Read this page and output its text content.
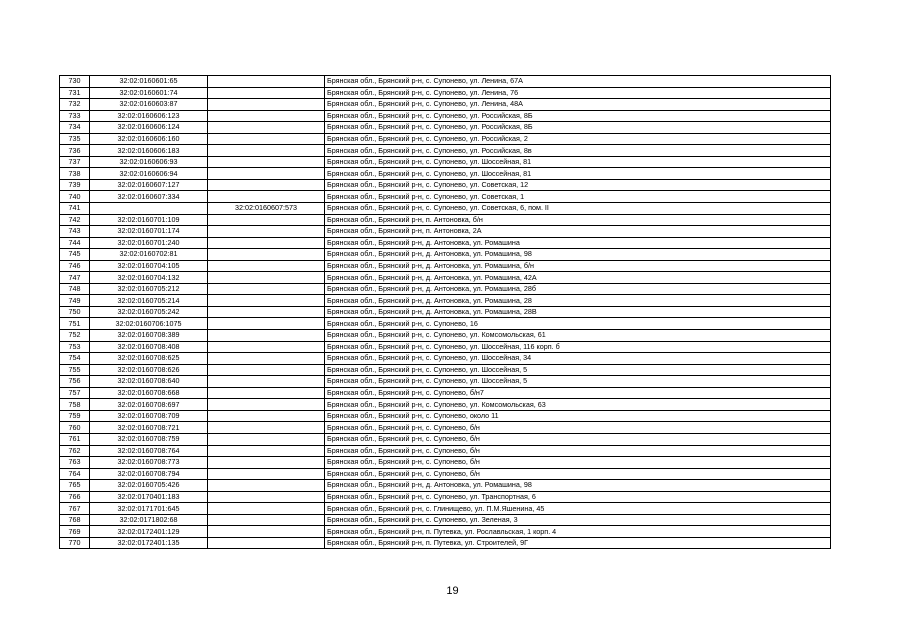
730	32:02:0160601:65		Брянская обл., Брянский р-н, с. Супонево, ул. Ленина, 67А
731	32:02:0160601:74		Брянская обл., Брянский р-н, с. Супонево, ул. Ленина, 76
732	32:02:0160603:87		Брянская обл., Брянский р-н, с. Супонево, ул. Ленина, 48А
733	32:02:0160606:123		Брянская обл., Брянский р-н, с. Супонево, ул. Российская, 8Б
734	32:02:0160606:124		Брянская обл., Брянский р-н, с. Супонево, ул. Российская, 8Б
735	32:02:0160606:160		Брянская обл., Брянский р-н, с. Супонево, ул. Российская, 2
736	32:02:0160606:183		Брянская обл., Брянский р-н, с. Супонево, ул. Российская, 8в
737	32:02:0160606:93		Брянская обл., Брянский р-н, с. Супонево, ул. Шоссейная, 81
738	32:02:0160606:94		Брянская обл., Брянский р-н, с. Супонево, ул. Шоссейная, 81
739	32:02:0160607:127		Брянская обл., Брянский р-н, с. Супонево, ул. Советская, 12
740	32:02:0160607:334		Брянская обл., Брянский р-н, с. Супонево, ул. Советская, 1
741		32:02:0160607:573	Брянская обл., Брянский р-н, с. Супонево, ул. Советская, 6, пом. II
742	32:02:0160701:109		Брянская обл., Брянский р-н, п. Антоновка, б/н
743	32:02:0160701:174		Брянская обл., Брянский р-н, п. Антоновка, 2А
744	32:02:0160701:240		Брянская обл., Брянский р-н, д. Антоновка, ул. Ромашина
745	32:02:0160702:81		Брянская обл., Брянский р-н, д. Антоновка, ул. Ромашина, 98
746	32:02:0160704:105		Брянская обл., Брянский р-н, д. Антоновка, ул. Ромашина, б/н
747	32:02:0160704:132		Брянская обл., Брянский р-н, д. Антоновка, ул. Ромашина, 42А
748	32:02:0160705:212		Брянская обл., Брянский р-н, д. Антоновка, ул. Ромашина, 28б
749	32:02:0160705:214		Брянская обл., Брянский р-н, д. Антоновка, ул. Ромашина, 28
750	32:02:0160705:242		Брянская обл., Брянский р-н, д. Антоновка, ул. Ромашина, 28В
751	32:02:0160706:1075		Брянская обл., Брянский р-н, с. Супонево, 16
752	32:02:0160708:389		Брянская обл., Брянский р-н, с. Супонево, ул. Комсомольская, 61
753	32:02:0160708:408		Брянская обл., Брянский р-н, с. Супонево, ул. Шоссейная, 116 корп. б
754	32:02:0160708:625		Брянская обл., Брянский р-н, с. Супонево, ул. Шоссейная, 34
755	32:02:0160708:626		Брянская обл., Брянский р-н, с. Супонево, ул. Шоссейная, 5
756	32:02:0160708:640		Брянская обл., Брянский р-н, с. Супонево, ул. Шоссейная, 5
757	32:02:0160708:668		Брянская обл., Брянский р-н, с. Супонево, б/н7
758	32:02:0160708:697		Брянская обл., Брянский р-н, с. Супонево, ул. Комсомольская, 63
759	32:02:0160708:709		Брянская обл., Брянский р-н, с. Супонево, около 11
760	32:02:0160708:721		Брянская обл., Брянский р-н, с. Супонево, б/н
761	32:02:0160708:759		Брянская обл., Брянский р-н, с. Супонево, б/н
762	32:02:0160708:764		Брянская обл., Брянский р-н, с. Супонево, б/н
763	32:02:0160708:773		Брянская обл., Брянский р-н, с. Супонево, б/н
764	32:02:0160708:794		Брянская обл., Брянский р-н, с. Супонево, б/н
765	32:02:0160705:426		Брянская обл., Брянский р-н, д. Антоновка, ул. Ромашина, 98
766	32:02:0170401:183		Брянская обл., Брянский р-н, с. Супонево, ул. Транспортная, 6
767	32:02:0171701:645		Брянская обл., Брянский р-н, с. Глинищево, ул. П.М.Яшенина, 45
768	32:02:0171802:68		Брянская обл., Брянский р-н, с. Супонево, ул. Зеленая, 3
769	32:02:0172401:129		Брянская обл., Брянский р-н, п. Путевка, ул. Рославльская, 1 корп. 4
770	32:02:0172401:135		Брянская обл., Брянский р-н, п. Путевка, ул. Строителей, 9Г
19
